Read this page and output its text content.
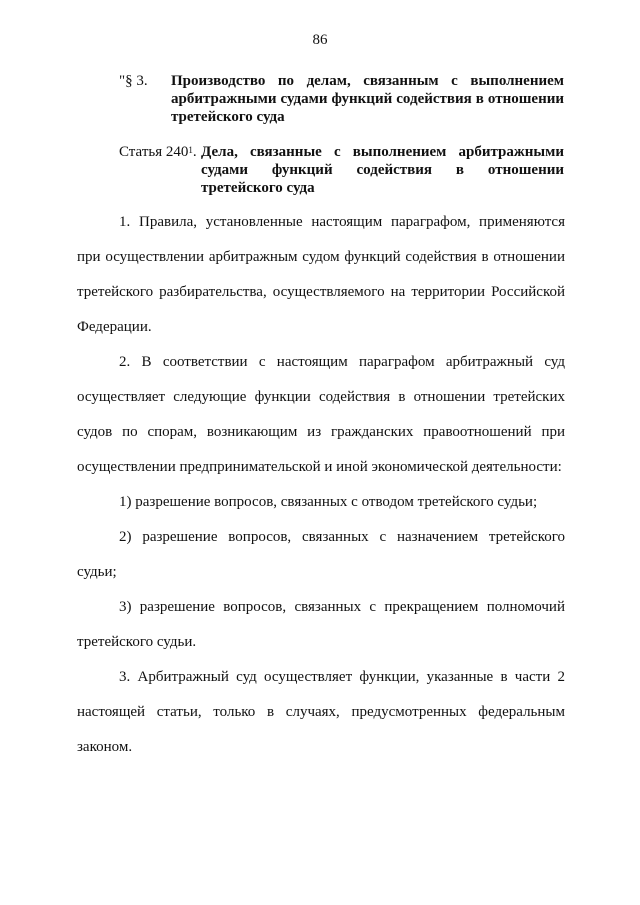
86
"§ 3. Производство по делам, связанным с выполнением арбитражными судами функций содействия в отношении третейского суда
Статья $240^1$. Дела, связанные с выполнением арбитражными судами функций содействия в отношении третейского суда

1. Правила, установленные настоящим параграфом, применяются при осуществлении арбитражным судом функций содействия в отношении третейского разбирательства, осуществляемого на территории Российской Федерации.

2. В соответствии с настоящим параграфом арбитражный суд осуществляет следующие функции содействия в отношении третейских судов по спорам, возникающим из гражданских правоотношений при осуществлении предпринимательской и иной экономической деятельности:

1) разрешение вопросов, связанных с отводом третейского судьи;

2) разрешение вопросов, связанных с назначением третейского судьи;

3) разрешение вопросов, связанных с прекращением полномочий третейского судьи.

3. Арбитражный суд осуществляет функции, указанные в части 2 настоящей статьи, только в случаях, предусмотренных федеральным законом.
